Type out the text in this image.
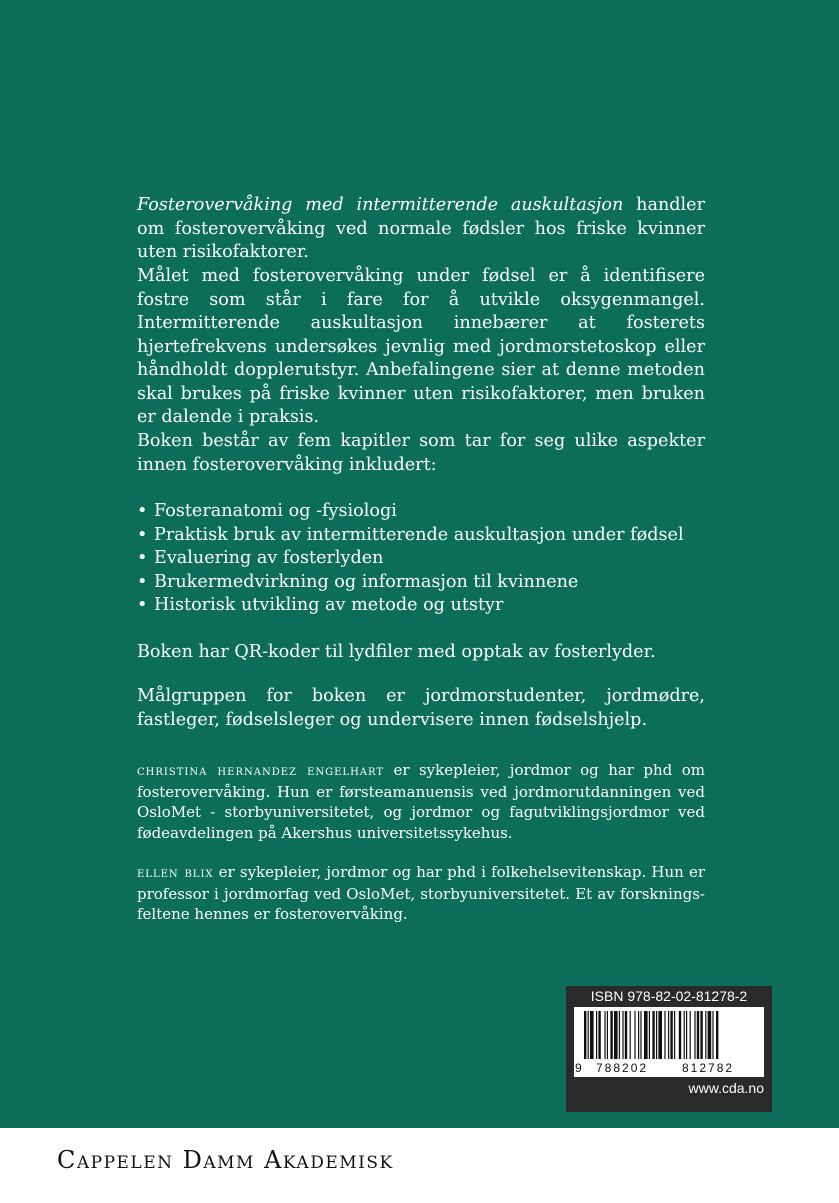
Fosterovervåking med intermitterende auskultasjon handler om fosterovervåking ved normale fødsler hos friske kvinner uten risikofaktorer.

Målet med fosterovervåking under fødsel er å identifisere fostre som står i fare for å utvikle oksygenmangel. Intermitterende auskultasjon innebærer at fosterets hjertefrekvens undersøkes jevnlig med jordmorstetoskop eller håndholdt dopplerutstyr. Anbefalingene sier at denne metoden skal brukes på friske kvinner uten risikofaktorer, men bruken er dalende i praksis.

Boken består av fem kapitler som tar for seg ulike aspekter innen fosterovervåking inkludert:

• Fosteranatomi og -fysiologi
• Praktisk bruk av intermitterende auskultasjon under fødsel
• Evaluering av fosterlyden
• Brukermedvirkning og informasjon til kvinnene
• Historisk utvikling av metode og utstyr

Boken har QR-koder til lydfiler med opptak av fosterlyder.

Målgruppen for boken er jordmorstudenter, jordmødre, fastleger, fødselsleger og undervisere innen fødselshjelp.

christina hernandez engelhart er sykepleier, jordmor og har phd om fosterovervåking. Hun er førsteamanuensis ved jordmorutdanningen ved OsloMet - storbyuniversitetet, og jordmor og fagutviklingsjordmor ved fødeavdelingen på Akershus universitetssykehus.

ellen blix er sykepleier, jordmor og har phd i folkehelsevitenskap. Hun er professor i jordmorfag ved OsloMet, storbyuniversitetet. Et av forskningsfeltene hennes er fosterovervåking.

ISBN 978-82-02-81278-2
9 788202	812782
www.cda.no
Cappelen Damm Akademisk
